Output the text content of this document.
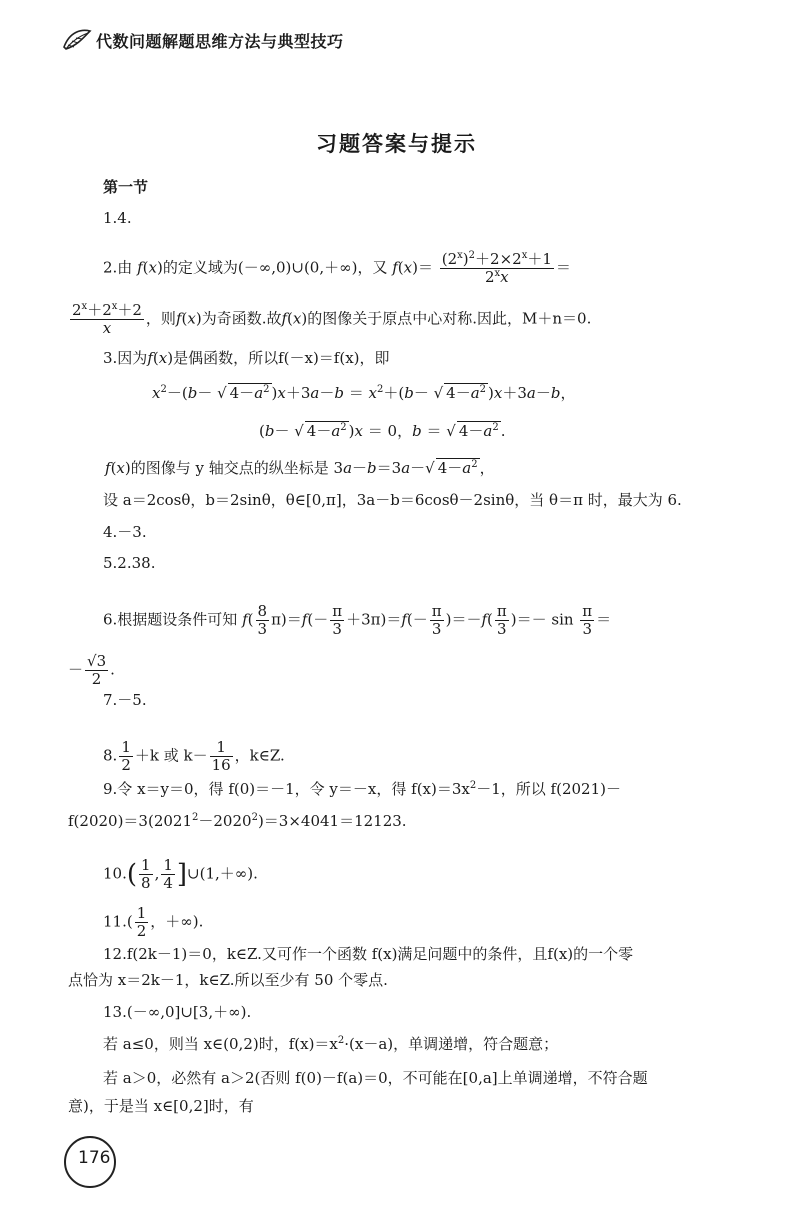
代数问题解题思维方法与典型技巧
习题答案与提示
第一节
1.4.
2.由 f(x)的定义域为(－∞,0)∪(0,＋∞)，又 $f(x)= \frac{(2^x)^2+2\times 2^x+1}{2^xx}$ ＝
$\frac{2^x+2^x+2}{x}$ ，则f(x)为奇函数.故f(x)的图像关于原点中心对称.因此，M＋n＝0.
3.因为f(x)是偶函数，所以f(－x)＝f(x)，即
$x^2-(b-$ √ $4-a^2$ )$x+3a-b = x^2+(b-$ √ $4-a^2$ )x＋3a－b，
(b－ √ $4-a^2$ )x ＝ 0，b ＝ √ $4-a^2$ .
f(x)的图像与 y 轴交点的纵坐标是 3a－b＝3a－√ $4-a^2$ ，
设 a＝2cosθ，b＝2sinθ，θ∈[0,π]，3a－b＝6cosθ－2sinθ，当 θ＝π 时，最大为 6.
4.－3.
5.2.38.
6.根据题设条件可知 $f( \frac{8}{3} \pi)=f(- \frac{\pi}{3} +3\pi)=f(- \frac{\pi}{3} )=-f( \frac{\pi}{3}$ )＝－ $\sin \frac{\pi}{3}$ ＝
－ $\frac{√3}{2}$ .
7.－5.
8. $\frac{1}{2} +k$ 或 $k- \frac{1}{16}$ ，k∈Z.
9.令 x＝y＝0，得 f(0)＝－1，令 y＝－x，得 $f(x)=3x^2-1$，所以 f(2021)－
$f(2020)=3(2021^2-2020^2)=3\times 4041=12123$.
$10.( \frac{1}{8}$ , $\frac{1}{4}$ ]∪(1,＋∞).
$11.( \frac{1}{2}$ ，＋∞).
12.f(2k－1)＝0，k∈Z.又可作一个函数 f(x)满足问题中的条件，且f(x)的一个零
点恰为 x＝2k－1，k∈Z.所以至少有 50 个零点.
13.(－∞,0]∪[3,＋∞).
若 a≤0，则当 x∈(0,2)时，$f(x)=x^2\cdot(x-a)$，单调递增，符合题意；
若 a＞0，必然有 a＞2(否则 f(0)－f(a)＝0，不可能在[0,a]上单调递增，不符合题
意)，于是当 x∈[0,2]时，有
176
